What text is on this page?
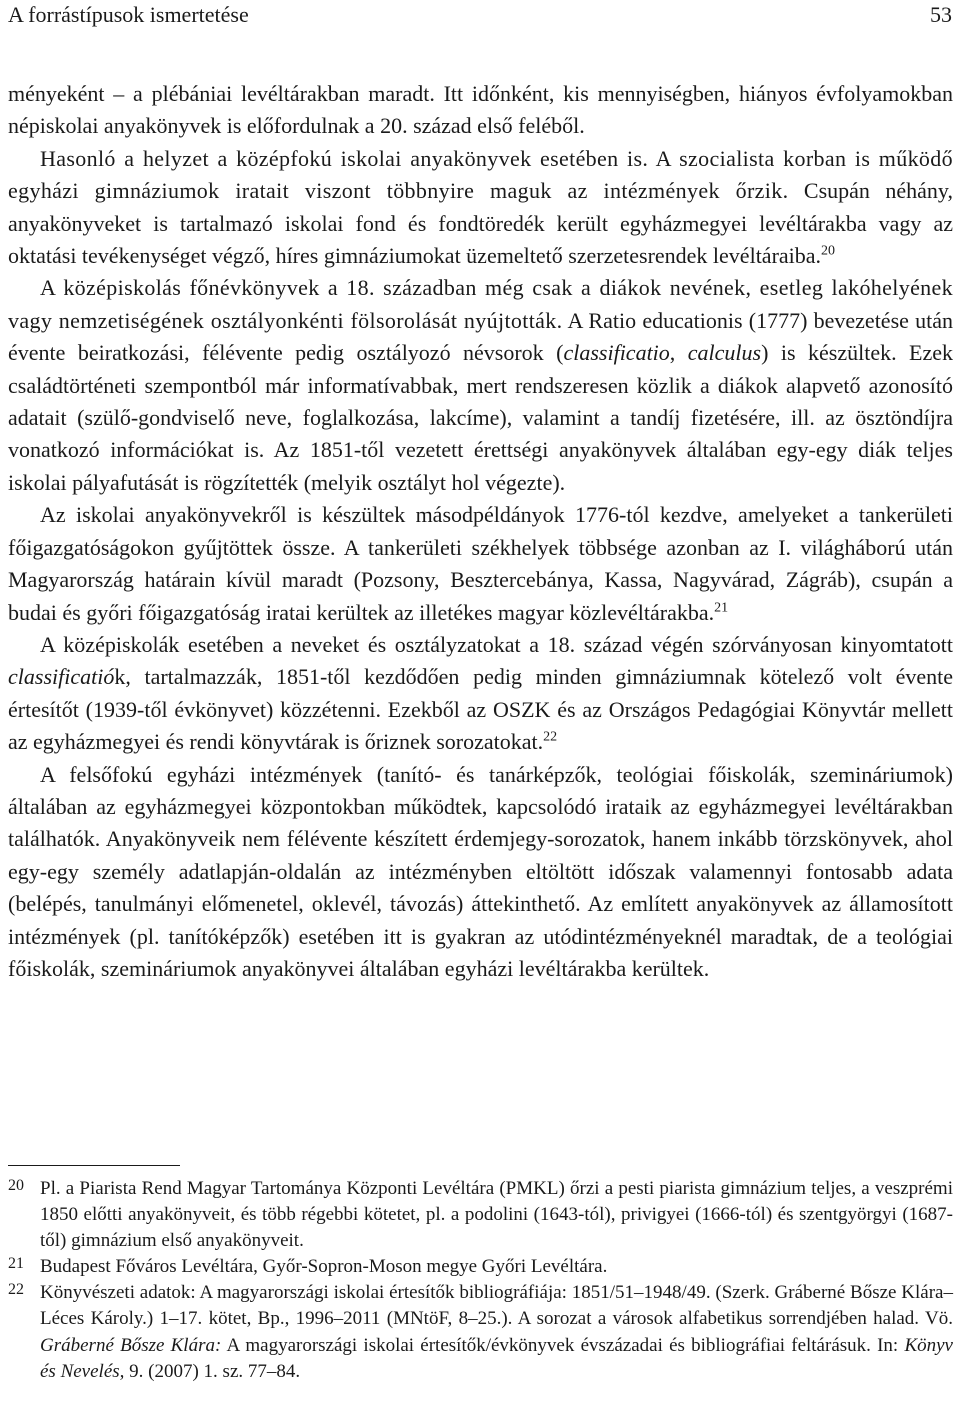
A forrástípusok ismertetése	53

ményeként – a plébániai levéltárakban maradt. Itt időnként, kis mennyiségben, hiányos évfolyamokban népiskolai anyakönyvek is előfordulnak a 20. század első feléből.

Hasonló a helyzet a középfokú iskolai anyakönyvek esetében is. A szocialista korban is működő egyházi gimnáziumok iratait viszont többnyire maguk az intézmények őrzik. Csupán néhány, anyakönyveket is tartalmazó iskolai fond és fondtöredék került egyházmegyei levéltárakba vagy az oktatási tevékenységet végző, híres gimnáziumokat üzemeltető szerzetesrendek levéltáraiba.$^{20}$

A középiskolás főnévkönyvek a 18. században még csak a diákok nevének, esetleg lakóhelyének vagy nemzetiségének osztályonkénti fölsorolását nyújtották. A Ratio educationis (1777) bevezetése után évente beiratkozási, félévente pedig osztályozó névsorok (classificatio, calculus) is készültek. Ezek családtörténeti szempontból már informatívabbak, mert rendszeresen közlik a diákok alapvető azonosító adatait (szülő-gondviselő neve, foglalkozása, lakcíme), valamint a tandíj fizetésére, ill. az ösztöndíjra vonatkozó információkat is. Az 1851-től vezetett érettségi anyakönyvek általában egy-egy diák teljes iskolai pályafutását is rögzítették (melyik osztályt hol végezte).

Az iskolai anyakönyvekről is készültek másodpéldányok 1776-tól kezdve, amelyeket a tankerületi főigazgatóságokon gyűjtöttek össze. A tankerületi székhelyek többsége azonban az I. világháború után Magyarország határain kívül maradt (Pozsony, Besztercebánya, Kassa, Nagyvárad, Zágráb), csupán a budai és győri főigazgatóság iratai kerültek az illetékes magyar közlevéltárakba.$^{21}$

A középiskolák esetében a neveket és osztályzatokat a 18. század végén szórványosan kinyomtatott classificatiók, tartalmazzák, 1851-től kezdődően pedig minden gimnáziumnak kötelező volt évente értesítőt (1939-től évkönyvet) közzétenni. Ezekből az OSZK és az Országos Pedagógiai Könyvtár mellett az egyházmegyei és rendi könyvtárak is őriznek sorozatokat.$^{22}$

A felsőfokú egyházi intézmények (tanító- és tanárképzők, teológiai főiskolák, szemináriumok) általában az egyházmegyei központokban működtek, kapcsolódó irataik az egyházmegyei levéltárakban találhatók. Anyakönyveik nem félévente készített érdemjegy-sorozatok, hanem inkább törzskönyvek, ahol egy-egy személy adatlapján-oldalán az intézményben eltöltött időszak valamennyi fontosabb adata (belépés, tanulmányi előmenetel, oklevél, távozás) áttekinthető. Az említett anyakönyvek az államosított intézmények (pl. tanítóképzők) esetében itt is gyakran az utódintézményeknél maradtak, de a teológiai főiskolák, szemináriumok anyakönyvei általában egyházi levéltárakba kerültek.

20 Pl. a Piarista Rend Magyar Tartománya Központi Levéltára (PMKL) őrzi a pesti piarista gimnázium teljes, a veszprémi 1850 előtti anyakönyveit, és több régebbi kötetet, pl. a podolini (1643-tól), privigyei (1666-tól) és szentgyörgyi (1687-től) gimnázium első anyakönyveit.
21 Budapest Főváros Levéltára, Győr-Sopron-Moson megye Győri Levéltára.
22 Könyvészeti adatok: A magyarországi iskolai értesítők bibliográfiája: 1851/51–1948/49. (Szerk. Gráberné Bősze Klára–Léces Károly.) 1–17. kötet, Bp., 1996–2011 (MNtöF, 8–25.). A sorozat a városok alfabetikus sorrendjében halad. Vö. Gráberné Bősze Klára: A magyarországi iskolai értesítők/évkönyvek évszázadai és bibliográfiai feltárásuk. In: Könyv és Nevelés, 9. (2007) 1. sz. 77–84.
